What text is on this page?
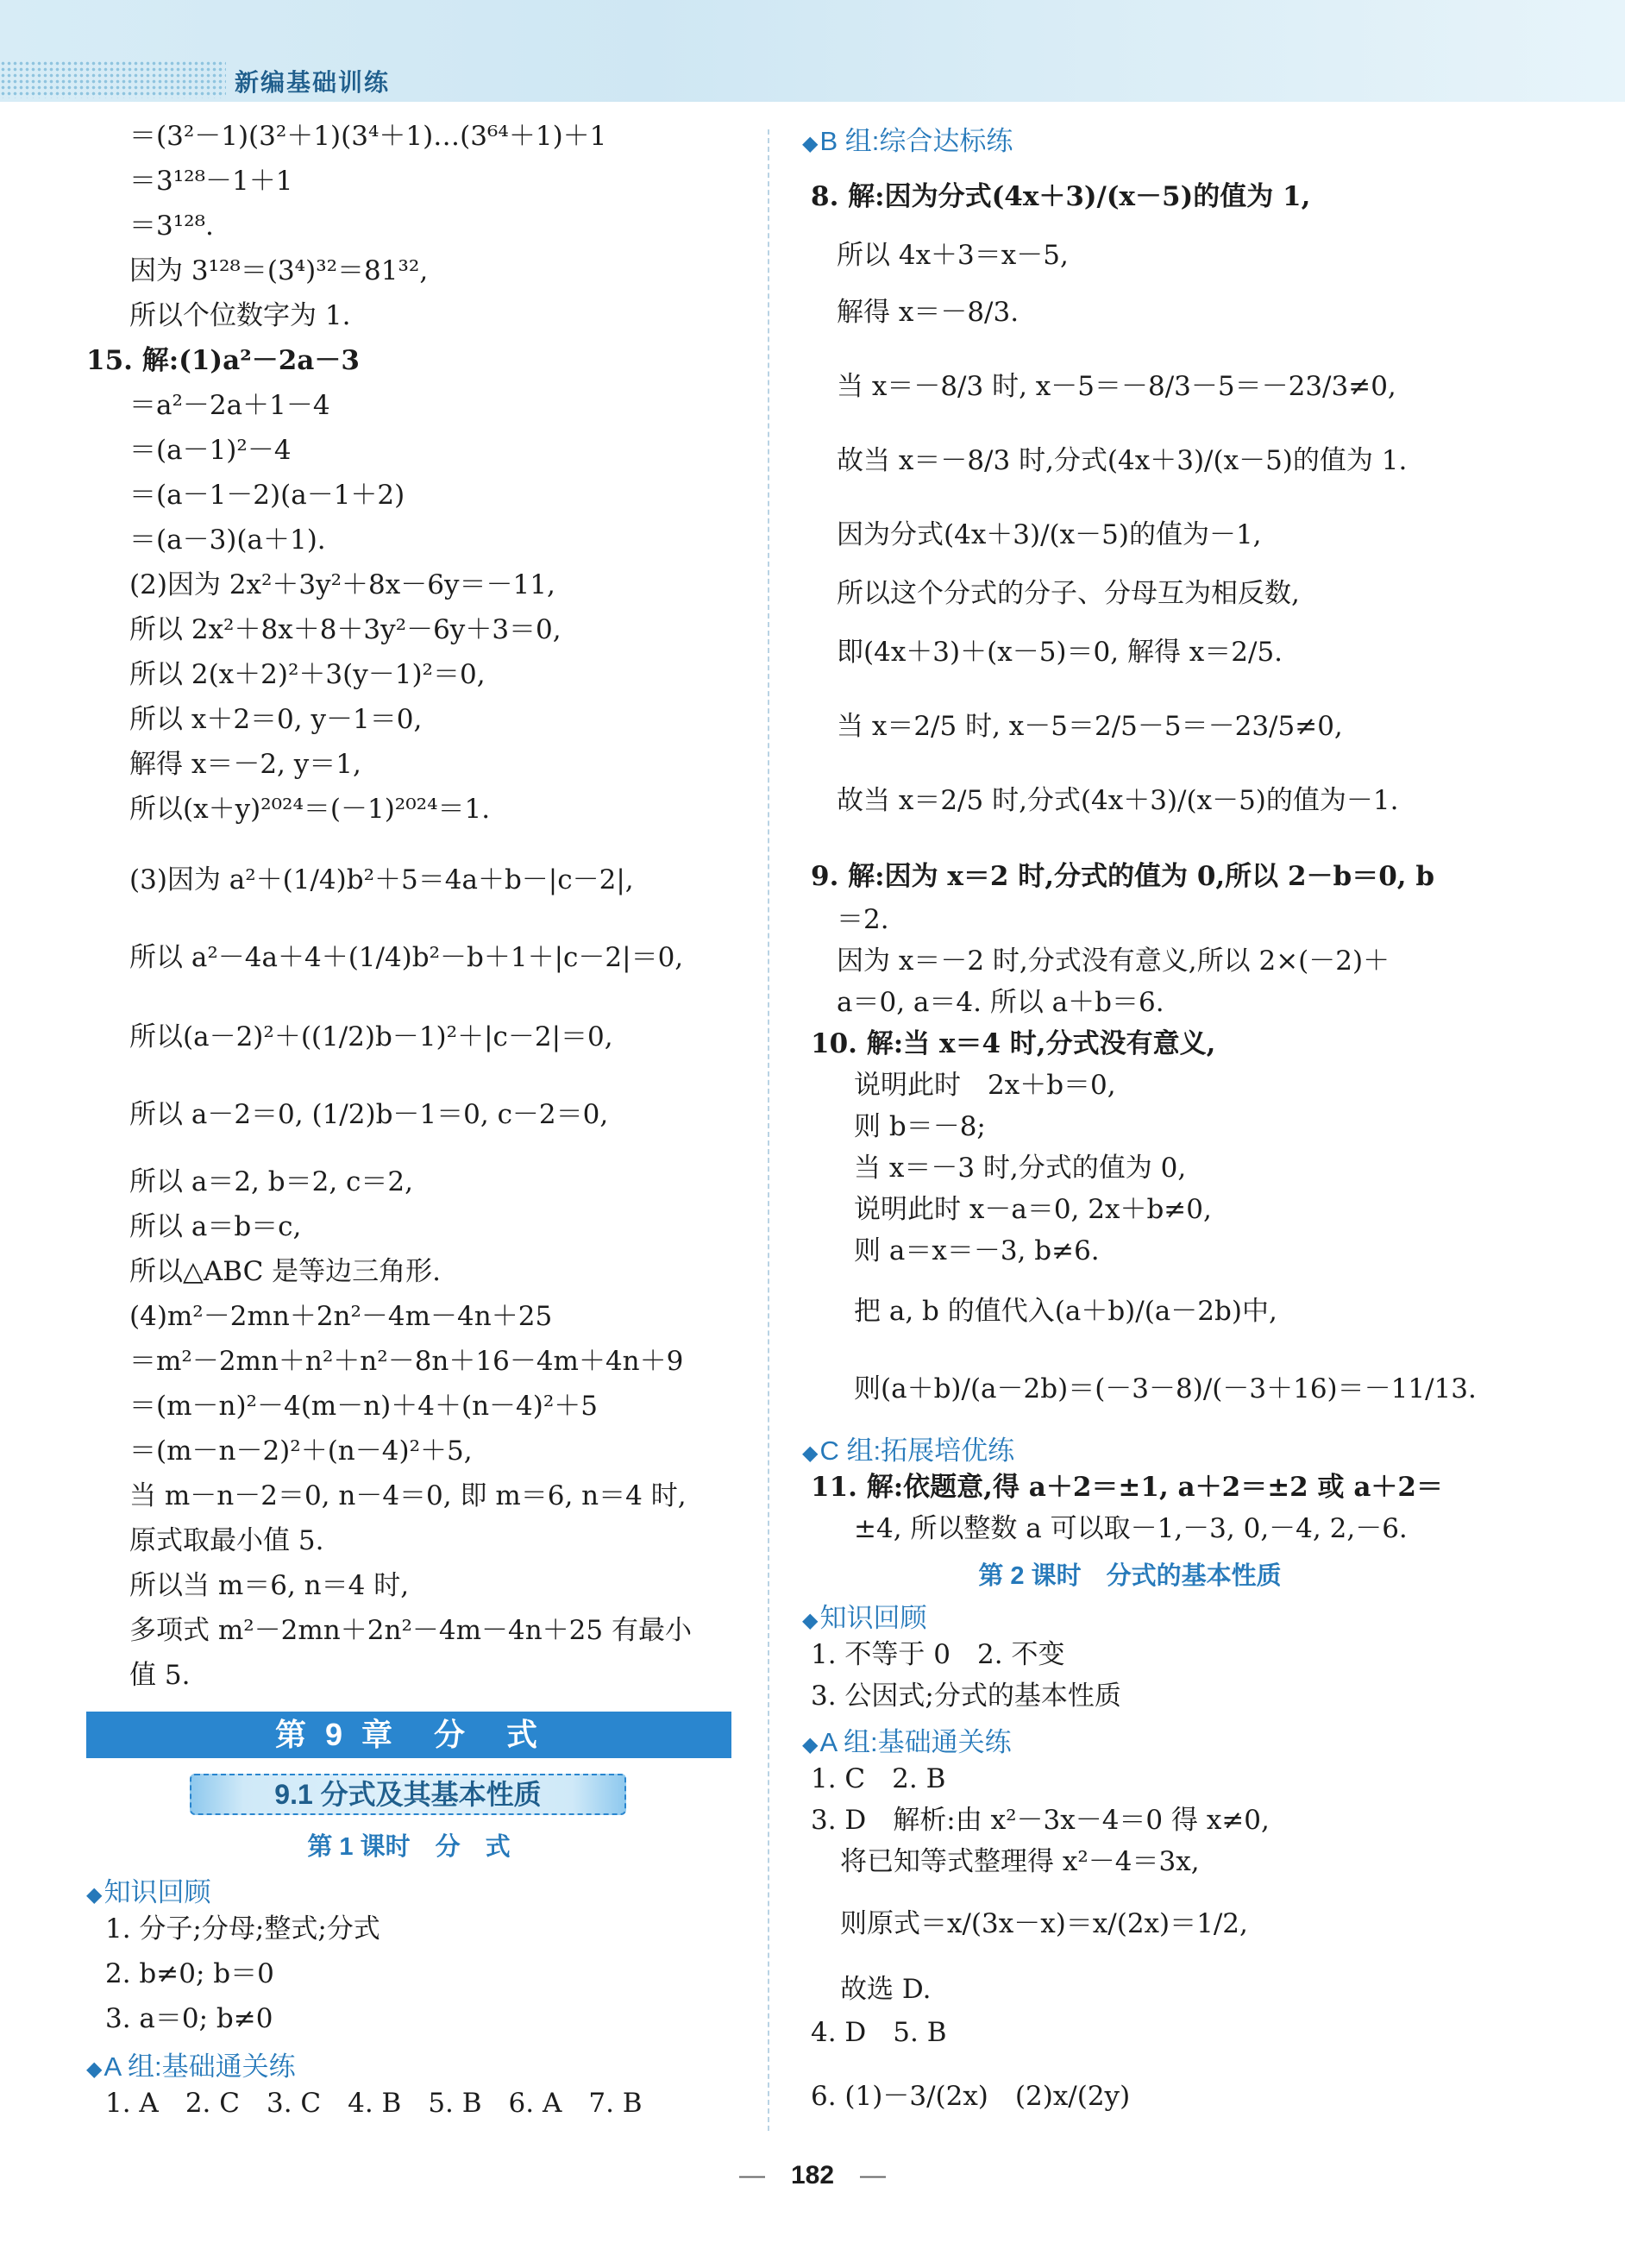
新编基础训练
＝(3²－1)(3²＋1)(3⁴＋1)…(3⁶⁴＋1)＋1
＝3¹²⁸－1＋1
＝3¹²⁸.
因为 3¹²⁸＝(3⁴)³²＝81³²,
所以个位数字为 1.
15. 解:(1)a²－2a－3
＝a²－2a＋1－4
＝(a－1)²－4
＝(a－1－2)(a－1＋2)
＝(a－3)(a＋1).
(2)因为 2x²＋3y²＋8x－6y＝－11,
所以 2x²＋8x＋8＋3y²－6y＋3＝0,
所以 2(x＋2)²＋3(y－1)²＝0,
所以 x＋2＝0, y－1＝0,
解得 x＝－2, y＝1,
所以(x＋y)²⁰²⁴＝(－1)²⁰²⁴＝1.
(3)因为 a²＋(1/4)b²＋5＝4a＋b－|c－2|,
所以 a²－4a＋4＋(1/4)b²－b＋1＋|c－2|＝0,
所以(a－2)²＋((1/2)b－1)²＋|c－2|＝0,
所以 a－2＝0, (1/2)b－1＝0, c－2＝0,
所以 a＝2, b＝2, c＝2,
所以 a＝b＝c,
所以△ABC 是等边三角形.
(4)m²－2mn＋2n²－4m－4n＋25
＝m²－2mn＋n²＋n²－8n＋16－4m＋4n＋9
＝(m－n)²－4(m－n)＋4＋(n－4)²＋5
＝(m－n－2)²＋(n－4)²＋5,
当 m－n－2＝0, n－4＝0, 即 m＝6, n＝4 时,
原式取最小值 5.
所以当 m＝6, n＝4 时,
多项式 m²－2mn＋2n²－4m－4n＋25 有最小
值 5.
第 9 章　分　式
9.1 分式及其基本性质
第 1 课时　分　式
◆知识回顾
1. 分子;分母;整式;分式
2. b≠0; b＝0
3. a＝0; b≠0
◆A 组:基础通关练
1. A　2. C　3. C　4. B　5. B　6. A　7. B
◆B 组:综合达标练
8. 解:因为分式(4x＋3)/(x－5)的值为 1,
所以 4x＋3＝x－5,
解得 x＝－8/3.
当 x＝－8/3 时, x－5＝－8/3－5＝－23/3≠0,
故当 x＝－8/3 时,分式(4x＋3)/(x－5)的值为 1.
因为分式(4x＋3)/(x－5)的值为－1,
所以这个分式的分子、分母互为相反数,
即(4x＋3)＋(x－5)＝0, 解得 x＝2/5.
当 x＝2/5 时, x－5＝2/5－5＝－23/5≠0,
故当 x＝2/5 时,分式(4x＋3)/(x－5)的值为－1.
9. 解:因为 x＝2 时,分式的值为 0,所以 2－b＝0, b
＝2.
因为 x＝－2 时,分式没有意义,所以 2×(－2)＋
a＝0, a＝4. 所以 a＋b＝6.
10. 解:当 x＝4 时,分式没有意义,
说明此时　2x＋b＝0,
则 b＝－8;
当 x＝－3 时,分式的值为 0,
说明此时 x－a＝0, 2x＋b≠0,
则 a＝x＝－3, b≠6.
把 a, b 的值代入(a＋b)/(a－2b)中,
则(a＋b)/(a－2b)＝(－3－8)/(－3＋16)＝－11/13.
◆C 组:拓展培优练
11. 解:依题意,得 a＋2＝±1, a＋2＝±2 或 a＋2＝
±4, 所以整数 a 可以取－1,－3, 0,－4, 2,－6.
第 2 课时　分式的基本性质
◆知识回顾
1. 不等于 0　2. 不变
3. 公因式;分式的基本性质
◆A 组:基础通关练
1. C　2. B
3. D　解析:由 x²－3x－4＝0 得 x≠0,
将已知等式整理得 x²－4＝3x,
则原式＝x/(3x－x)＝x/(2x)＝1/2,
故选 D.
4. D　5. B
6. (1)－3/(2x)　(2)x/(2y)
—　182　—
